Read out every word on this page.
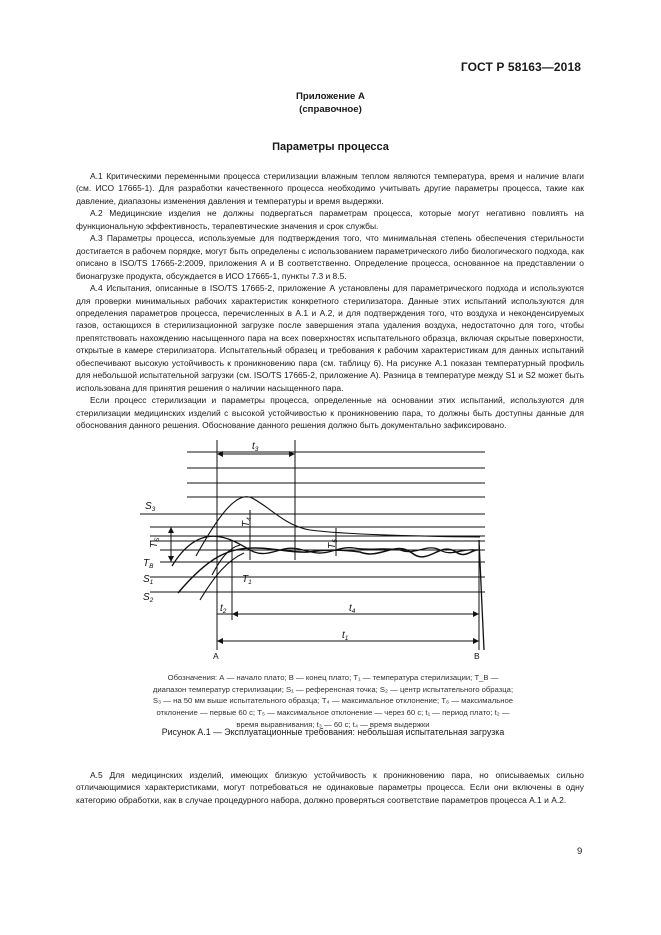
ГОСТ Р 58163—2018
Приложение А
(справочное)
Параметры процесса

А.1 Критическими переменными процесса стерилизации влажным теплом являются температура, время и наличие влаги (см. ИСО 17665-1). Для разработки качественного процесса необходимо учитывать другие параметры процесса, такие как давление, диапазоны изменения давления и температуры и время выдержки.

А.2 Медицинские изделия не должны подвергаться параметрам процесса, которые могут негативно повлиять на функциональную эффективность, терапевтические значения и срок службы.

А.3 Параметры процесса, используемые для подтверждения того, что минимальная степень обеспечения стерильности достигается в рабочем порядке, могут быть определены с использованием параметрического либо биологического подхода, как описано в ISO/TS 17665-2:2009, приложения А и В соответственно. Определение процесса, основанное на представлении о бионагрузке продукта, обсуждается в ИСО 17665-1, пункты 7.3 и 8.5.

А.4 Испытания, описанные в ISO/TS 17665-2, приложение А установлены для параметрического подхода и используются для проверки минимальных рабочих характеристик конкретного стерилизатора. Данные этих испытаний используются для определения параметров процесса, перечисленных в А.1 и А.2, и для подтверждения того, что воздуха и неконденсируемых газов, остающихся в стерилизационной загрузке после завершения этапа удаления воздуха, недостаточно для того, чтобы препятствовать нахождению насыщенного пара на всех поверхностях испытательного образца, включая скрытые поверхности, открытые в камере стерилизатора. Испытательный образец и требования к рабочим характеристикам для данных испытаний обеспечивают высокую устойчивость к проникновению пара (см. таблицу 6). На рисунке А.1 показан температурный профиль для небольшой испытательной загрузки (см. ISO/TS 17665-2, приложение А). Разница в температуре между S1 и S2 может быть использована для принятия решения о наличии насыщенного пара.

Если процесс стерилизации и параметры процесса, определенные на основании этих испытаний, используются для стерилизации медицинских изделий с высокой устойчивостью к проникновению пара, то должны быть доступны данные для обоснования данного решения. Обоснование данного решения должно быть документально зафиксировано.

$S_3$
$S_1$
$S_2$
$T_S$
$T_B$
$T_1$
$T_4$
$T_5$
$t_3$
$t_2$	$t_4$
$t_1$
A	B
Обозначения: А — начало плато; В — конец плато; T₁ — температура стерилизации; T_B — диапазон температур стерилизации; S₁ — референсная точка; S₂ — центр испытательного образца; S₃ — на 50 мм выше испытательного образца; T₄ — максимальное отклонение; T₆ — максимальное отклонение — первые 60 с; T₅ — максимальное отклонение — через 60 с; t₁ — период плато; t₂ — время выравнивания; t₃ — 60 с; t₄ — время выдержки
Рисунок А.1 — Эксплуатационные требования: небольшая испытательная загрузка

А.5 Для медицинских изделий, имеющих близкую устойчивость к проникновению пара, но описываемых сильно отличающимися характеристиками, могут потребоваться не одинаковые параметры процесса. Если они включены в одну категорию обработки, как в случае процедурного набора, должно проверяться соответствие параметров процесса А.1 и А.2.

9
